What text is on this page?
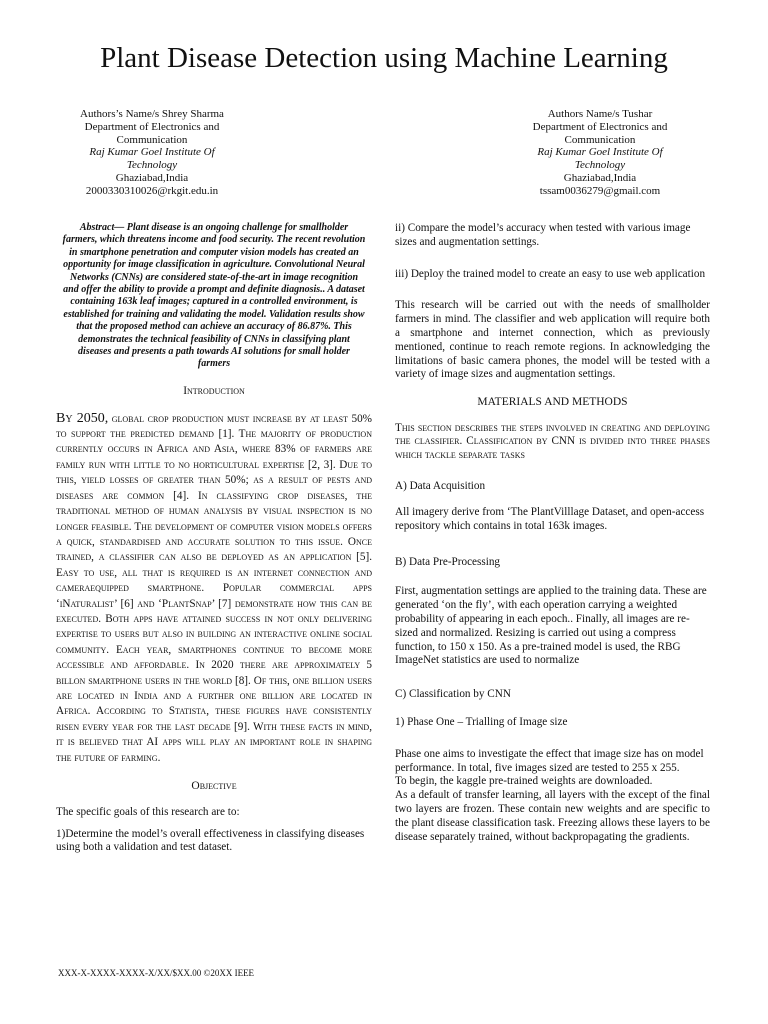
Plant Disease Detection using Machine Learning
Authors’s Name/s Shrey Sharma
Department of Electronics and
Communication
Raj Kumar Goel Institute Of
Technology
Ghaziabad,India
2000330310026@rkgit.edu.in
Authors Name/s Tushar
Department of Electronics and
Communication
Raj Kumar Goel Institute Of
Technology
Ghaziabad,India
tssam0036279@gmail.com

Abstract— Plant disease is an ongoing challenge for smallholder farmers, which threatens income and food security. The recent revolution in smartphone penetration and computer vision models has created an opportunity for image classification in agriculture. Convolutional Neural Networks (CNNs) are considered state-of-the-art in image recognition and offer the ability to provide a prompt and definite diagnosis.. A dataset containing 163k leaf images; captured in a controlled environment, is established for training and validating the model. Validation results show that the proposed method can achieve an accuracy of 86.87%. This demonstrates the technical feasibility of CNNs in classifying plant diseases and presents a path towards AI solutions for small holder farmers

Introduction

By 2050, global crop production must increase by at least 50% to support the predicted demand [1]. The majority of production currently occurs in Africa and Asia, where 83% of farmers are family run with little to no horticultural expertise [2, 3]. Due to this, yield losses of greater than 50%; as a result of pests and diseases are common [4]. In classifying crop diseases, the traditional method of human analysis by visual inspection is no longer feasible. The development of computer vision models offers a quick, standardised and accurate solution to this issue. Once trained, a classifier can also be deployed as an application [5]. Easy to use, all that is required is an internet connection and cameraequipped smartphone. Popular commercial apps ‘iNaturalist’ [6] and ‘PlantSnap’ [7] demonstrate how this can be executed. Both apps have attained success in not only delivering expertise to users but also in building an interactive online social community. Each year, smartphones continue to become more accessible and affordable. In 2020 there are approximately 5 billon smartphone users in the world [8]. Of this, one billion users are located in India and a further one billion are located in Africa. According to Statista, these figures have consistently risen every year for the last decade [9]. With these facts in mind, it is believed that AI apps will play an important role in shaping the future of farming.

Objective

The specific goals of this research are to:

1)Determine the model’s overall effectiveness in classifying diseases using both a validation and test dataset.

ii) Compare the model’s accuracy when tested with various image sizes and augmentation settings.

iii) Deploy the trained model to create an easy to use web application

This research will be carried out with the needs of smallholder farmers in mind. The classifier and web application will require both a smartphone and internet connection, which as previously mentioned, continue to reach remote regions. In acknowledging the limitations of basic camera phones, the model will be tested with a variety of image sizes and augmentation settings.

MATERIALS AND METHODS

This section describes the steps involved in creating and deploying the classifier. Classification by CNN is divided into three phases which tackle separate tasks

A) Data Acquisition

All imagery derive from ‘The PlantVilllage Dataset, and open-access repository which contains in total 163k images.

B) Data Pre-Processing

First, augmentation settings are applied to the training data. These are generated ‘on the fly’, with each operation carrying a weighted probability of appearing in each epoch.. Finally, all images are re-sized and normalized. Resizing is carried out using a compress function, to 150 x 150. As a pre-trained model is used, the RBG ImageNet statistics are used to normalize

C) Classification by CNN
1) Phase One – Trialling of Image size

Phase one aims to investigate the effect that image size has on model performance. In total, five images sized are tested to 255 x 255.

To begin, the kaggle pre-trained weights are downloaded.

As a default of transfer learning, all layers with the except of the final two layers are frozen. These contain new weights and are specific to the plant disease classification task. Freezing allows these layers to be disease separately trained, without backpropagating the gradients.

XXX-X-XXXX-XXXX-X/XX/$XX.00 ©20XX IEEE
